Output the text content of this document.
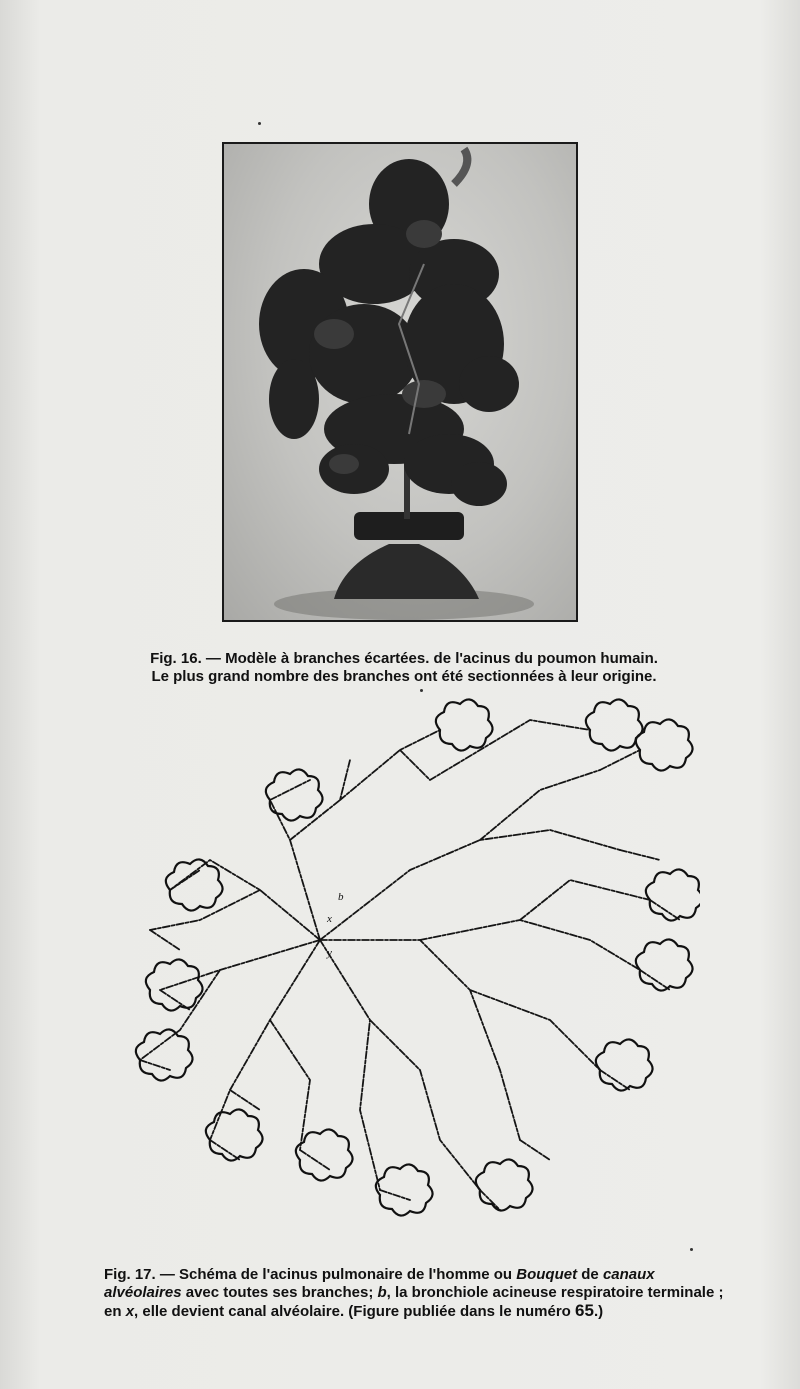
Fig. 16. — Modèle à branches écartées. de l'acinus du poumon humain.
Le plus grand nombre des branches ont été sectionnées à leur origine.
x
y
b
Fig. 17. — Schéma de l'acinus pulmonaire de l'homme ou Bouquet de canaux alvéolaires avec toutes ses branches; b, la bronchiole acineuse respiratoire terminale ; en x, elle devient canal alvéolaire. (Figure publiée dans le numéro 65.)
